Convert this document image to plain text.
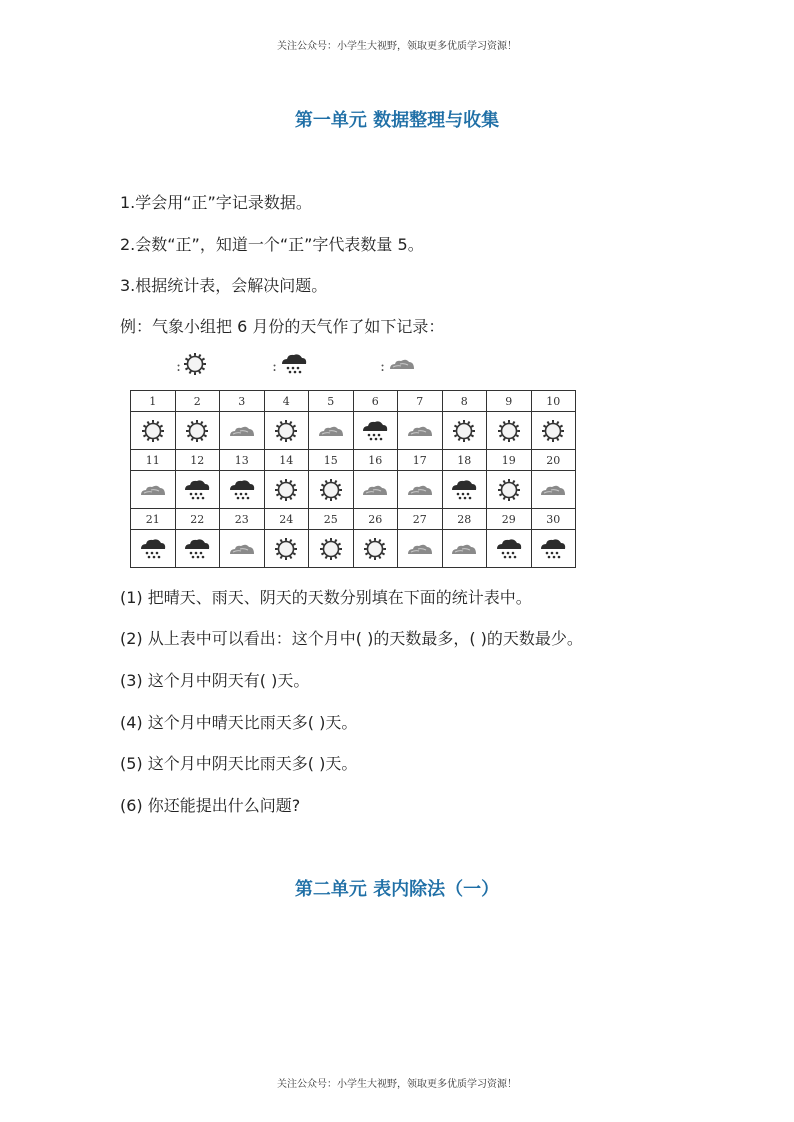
关注公众号：小学生大视野，领取更多优质学习资源！
第一单元 数据整理与收集
1.学会用“正”字记录数据。
2.会数“正”，知道一个“正”字代表数量 5。
3.根据统计表，会解决问题。
例：气象小组把 6 月份的天气作了如下记录：
:	:	:
1	2	3	4	5	6	7	8	9	10

11	12	13	14	15	16	17	18	19	20

21	22	23	24	25	26	27	28	29	30

(1) 把晴天、雨天、阴天的天数分别填在下面的统计表中。
(2) 从上表中可以看出：这个月中( )的天数最多，( )的天数最少。
(3) 这个月中阴天有( )天。
(4) 这个月中晴天比雨天多( )天。
(5) 这个月中阴天比雨天多( )天。
(6) 你还能提出什么问题?
第二单元 表内除法（一）
关注公众号：小学生大视野，领取更多优质学习资源！
